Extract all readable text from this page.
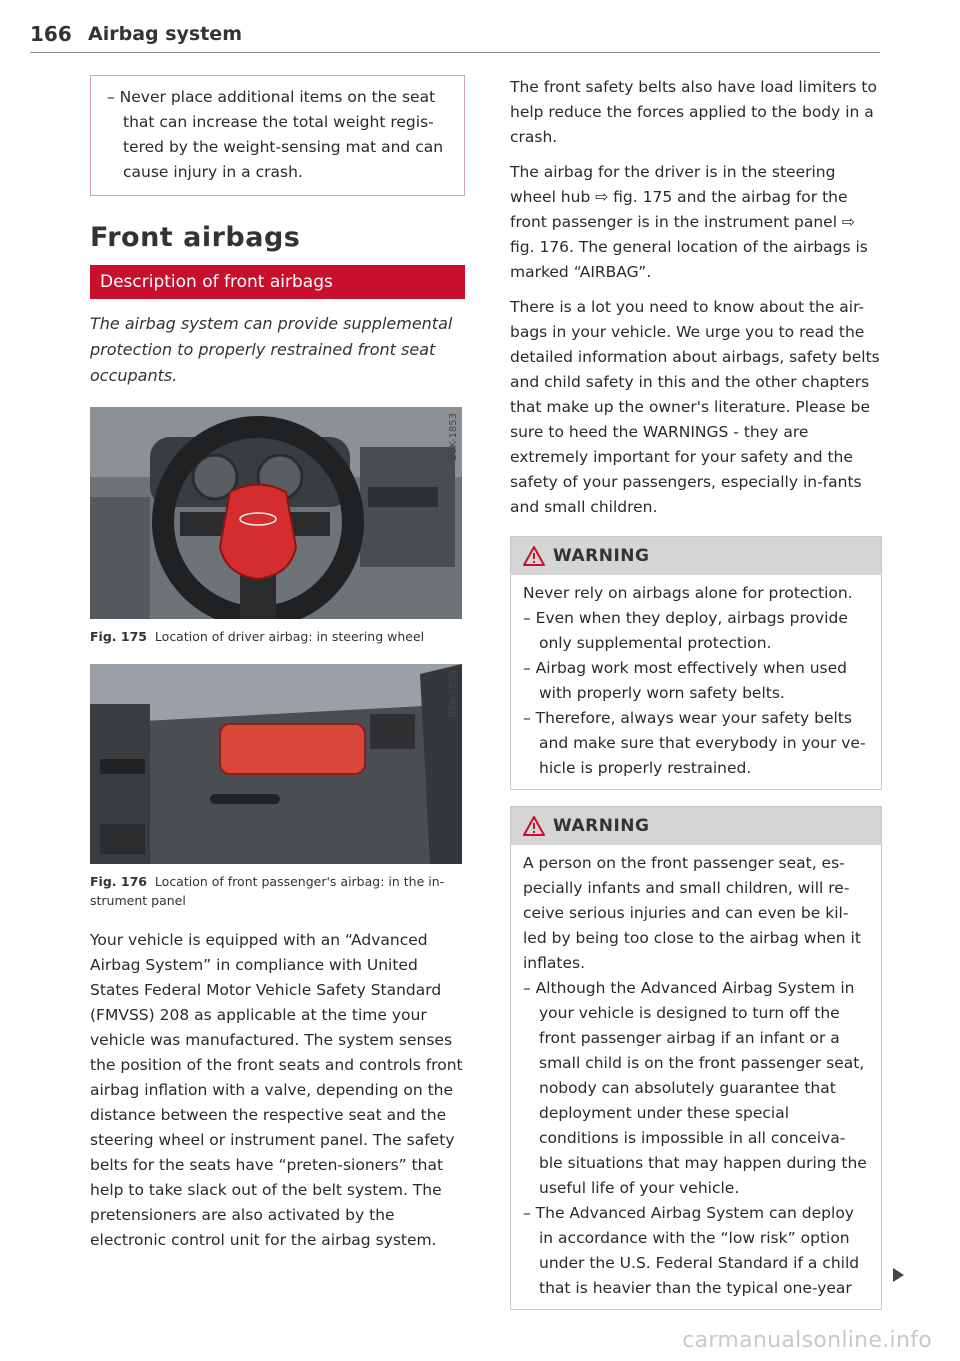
166 Airbag system

– Never place additional items on the seat that can increase the total weight regis-tered by the weight-sensing mat and can cause injury in a crash.

Front airbags
Description of front airbags

The airbag system can provide supplemental protection to properly restrained front seat occupants.

B8K-1853
Fig. 175 Location of driver airbag: in steering wheel
B8K-1856
Fig. 176 Location of front passenger's airbag: in the in-strument panel

Your vehicle is equipped with an “Advanced Airbag System” in compliance with United States Federal Motor Vehicle Safety Standard (FMVSS) 208 as applicable at the time your vehicle was manufactured. The system senses the position of the front seats and controls front airbag inflation with a valve, depending on the distance between the respective seat and the steering wheel or instrument panel. The safety belts for the seats have “preten-sioners” that help to take slack out of the belt system. The pretensioners are also activated by the electronic control unit for the airbag system.

The front safety belts also have load limiters to help reduce the forces applied to the body in a crash.

The airbag for the driver is in the steering wheel hub ⇨ fig. 175 and the airbag for the front passenger is in the instrument panel ⇨ fig. 176. The general location of the airbags is marked “AIRBAG”.

There is a lot you need to know about the air-bags in your vehicle. We urge you to read the detailed information about airbags, safety belts and child safety in this and the other chapters that make up the owner's literature. Please be sure to heed the WARNINGS - they are extremely important for your safety and the safety of your passengers, especially in-fants and small children.

WARNING

Never rely on airbags alone for protection.

– Even when they deploy, airbags provide only supplemental protection.

– Airbag work most effectively when used with properly worn safety belts.

– Therefore, always wear your safety belts and make sure that everybody in your ve-hicle is properly restrained.

WARNING

A person on the front passenger seat, es-pecially infants and small children, will re-ceive serious injuries and can even be kil-led by being too close to the airbag when it inflates.

– Although the Advanced Airbag System in your vehicle is designed to turn off the front passenger airbag if an infant or a small child is on the front passenger seat, nobody can absolutely guarantee that deployment under these special conditions is impossible in all conceiva-ble situations that may happen during the useful life of your vehicle.

– The Advanced Airbag System can deploy in accordance with the “low risk” option under the U.S. Federal Standard if a child that is heavier than the typical one-year

carmanualsonline.info
